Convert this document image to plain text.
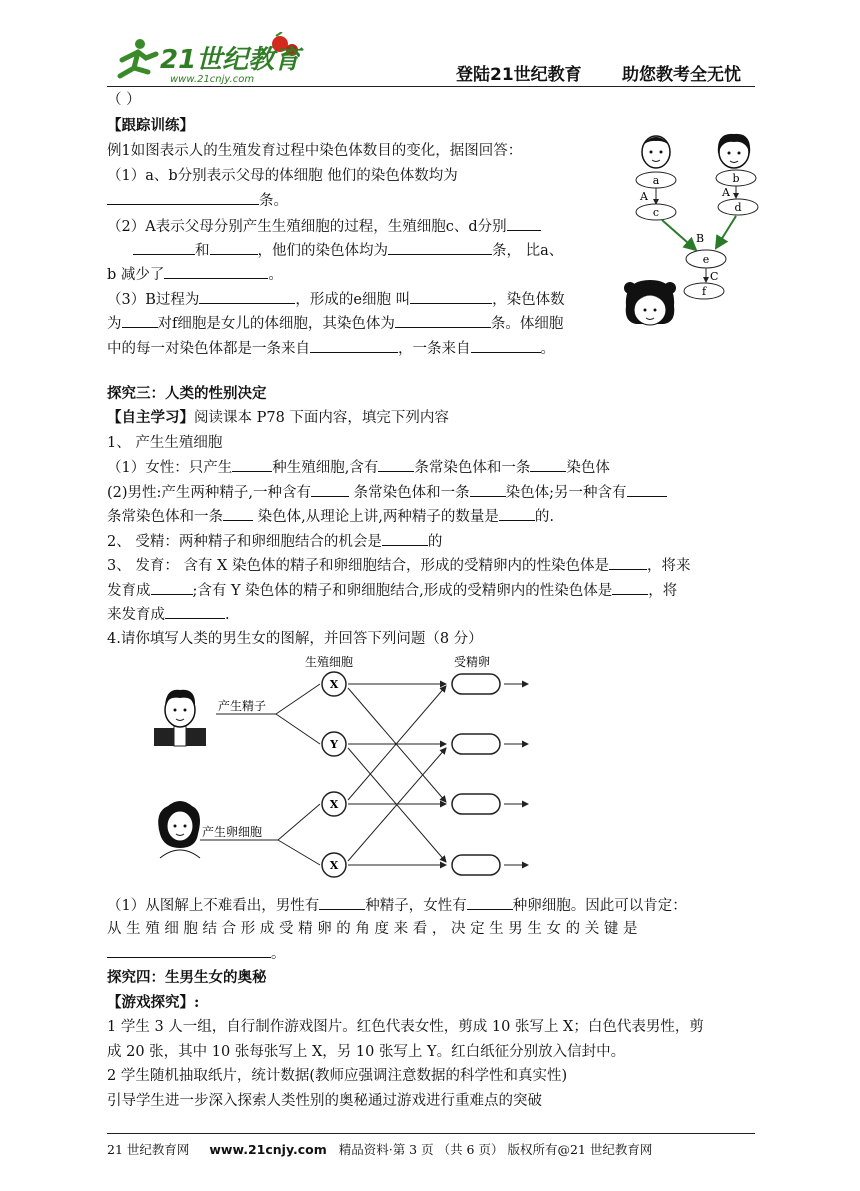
21世纪教育
www.21cnjy.com	登陆21世纪教育 助您教考全无忧
（ ）
【跟踪训练】
例1如图表示人的生殖发育过程中染色体数目的变化，据图回答：
（1）a、b分别表示父母的体细胞 他们的染色体数均为
条。
（2）A表示父母分别产生生殖细胞的过程，生殖细胞c、d分别
和	，他们的染色体均为	条， 比a、
b 减少了	。
（3）B过程为	，形成的e细胞 叫	，染色体数
为 对f细胞是女儿的体细胞，其染色体为	条。体细胞
中的每一对染色体都是一条来自	，一条来自	。
a	b
A	A
c	d
B
e
C
f
探究三：人类的性别决定
【自主学习】阅读课本 P78 下面内容，填完下列内容
1、 产生生殖细胞
（1）女性：只产生	种生殖细胞,含有 条常染色体和一条 染色体
(2)男性:产生两种精子,一种含有	条常染色体和一条 染色体;另一种含有
条常染色体和一条 染色体,从理论上讲,两种精子的数量是 的.
2、 受精：两种精子和卵细胞结合的机会是	的
3、 发育： 含有 X 染色体的精子和卵细胞结合，形成的受精卵内的性染色体是	，将来
发育成	;含有 Y 染色体的精子和卵细胞结合,形成的受精卵内的性染色体是 ，将
来发育成	.
4.请你填写人类的男生女的图解，并回答下列问题（8 分）
生殖细胞	受精卵
产生精子
产生卵细胞
X
Y
X
X
（1）从图解上不难看出，男性有	种精子，女性有	种卵细胞。因此可以肯定：
从 生 殖 细 胞 结 合 形 成 受 精 卵 的 角 度 来 看 ， 决 定 生 男 生 女 的 关 键 是
。
探究四：生男生女的奥秘
【游戏探究】:
1 学生 3 人一组，自行制作游戏图片。红色代表女性，剪成 10 张写上 X；白色代表男性，剪
成 20 张，其中 10 张每张写上 X，另 10 张写上 Y。红白纸征分别放入信封中。
2 学生随机抽取纸片，统计数据(教师应强调注意数据的科学性和真实性)
引导学生进一步深入探索人类性别的奥秘通过游戏进行重难点的突破
21 世纪教育网 www.21cnjy.com 精品资料·第 3 页 （共 6 页） 版权所有@21 世纪教育网
